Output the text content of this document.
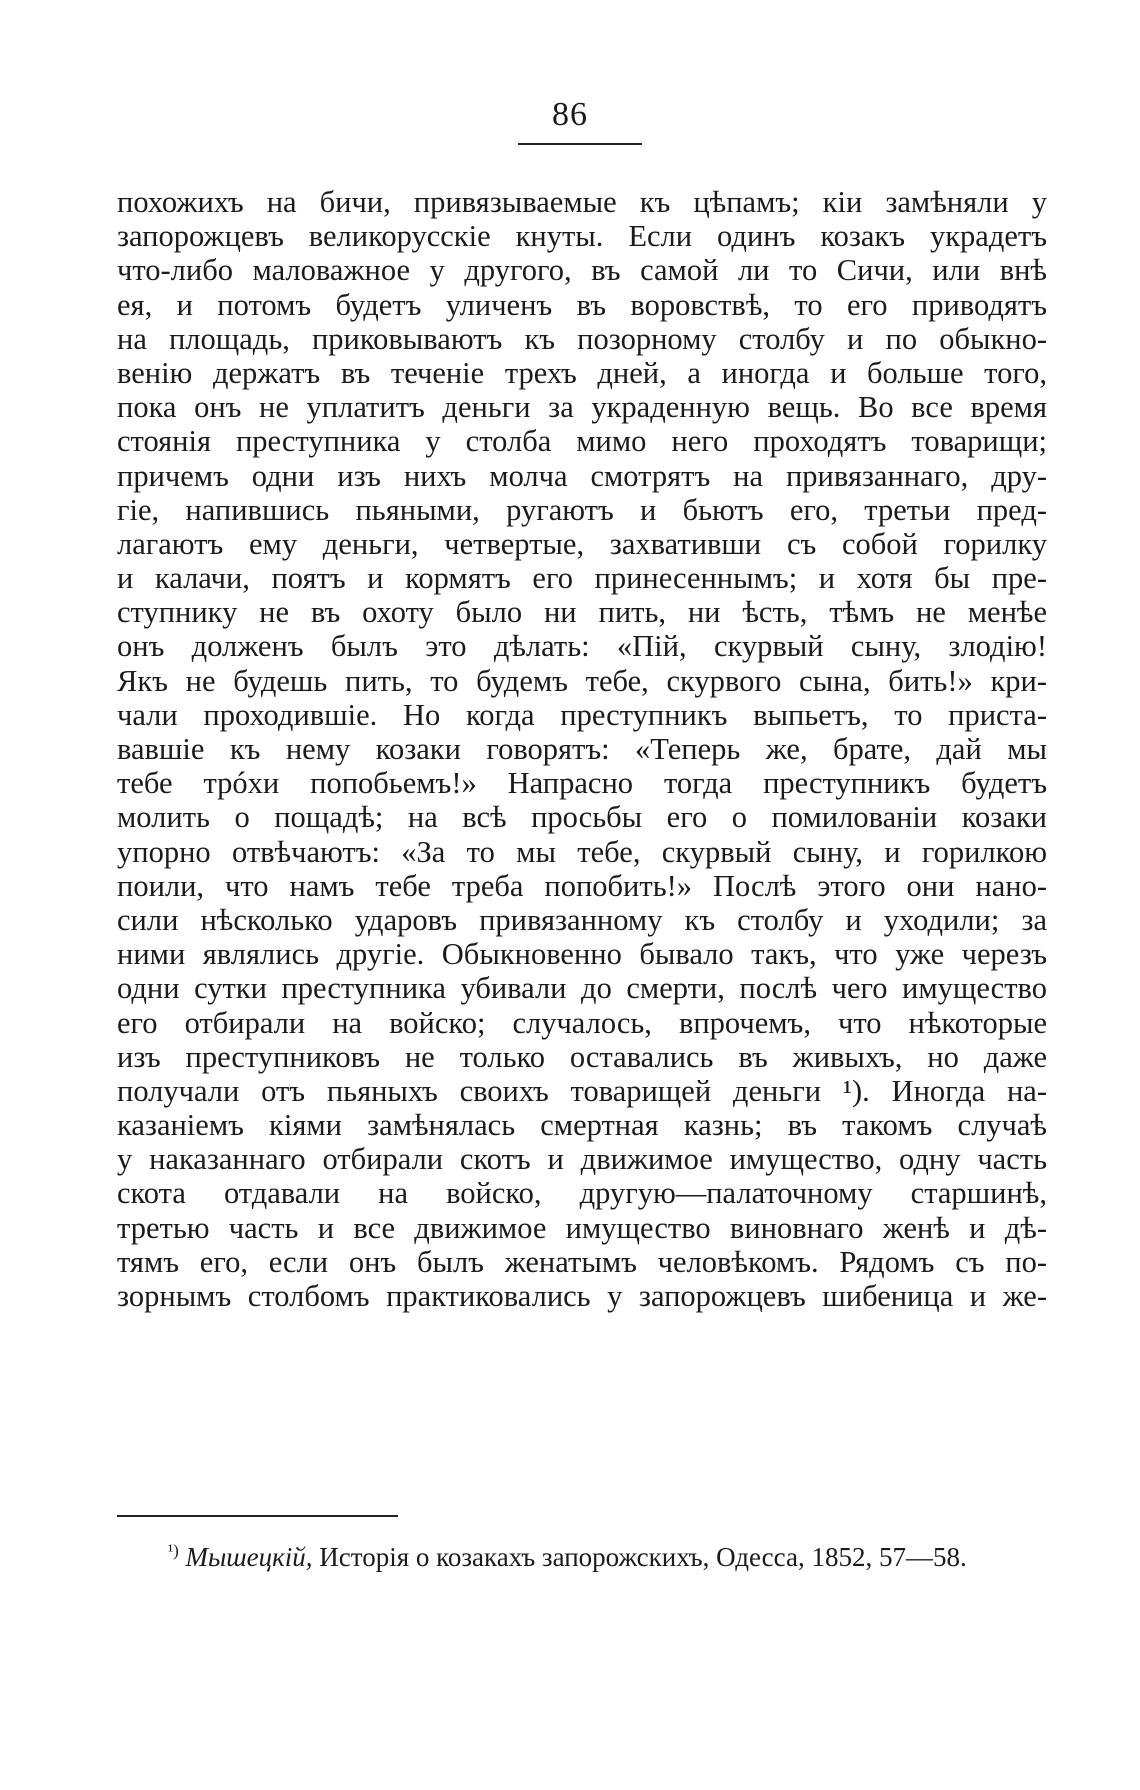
86
похожихъ на бичи, привязываемые къ цѣпамъ; кіи замѣняли у
запорожцевъ великорусскіе кнуты. Если одинъ козакъ украдетъ
что-либо маловажное у другого, въ самой ли то Сичи, или внѣ
ея, и потомъ будетъ уличенъ въ воровствѣ, то его приводятъ
на площадь, приковываютъ къ позорному столбу и по обыкно-
венію держатъ въ теченіе трехъ дней, а иногда и больше того,
пока онъ не уплатитъ деньги за украденную вещь. Во все время
стоянія преступника у столба мимо него проходятъ товарищи;
причемъ одни изъ нихъ молча смотрятъ на привязаннаго, дру-
гіе, напившись пьяными, ругаютъ и бьютъ его, третьи пред-
лагаютъ ему деньги, четвертые, захвативши съ собой горилку
и калачи, поятъ и кормятъ его принесеннымъ; и хотя бы пре-
ступнику не въ охоту было ни пить, ни ѣсть, тѣмъ не менѣе
онъ долженъ былъ это дѣлать: «Пій, скурвый сыну, злодію!
Якъ не будешь пить, то будемъ тебе, скурвого сына, бить!» кри-
чали проходившіе. Но когда преступникъ выпьетъ, то приста-
вавшіе къ нему козаки говорятъ: «Теперь же, брате, дай мы
тебе трóхи попобьемъ!» Напрасно тогда преступникъ будетъ
молить о пощадѣ; на всѣ просьбы его о помилованіи козаки
упорно отвѣчаютъ: «За то мы тебе, скурвый сыну, и горилкою
поили, что намъ тебе треба попобить!» Послѣ этого они нано-
сили нѣсколько ударовъ привязанному къ столбу и уходили; за
ними являлись другіе. Обыкновенно бывало такъ, что уже черезъ
одни сутки преступника убивали до смерти, послѣ чего имущество
его отбирали на войско; случалось, впрочемъ, что нѣкоторые
изъ преступниковъ не только оставались въ живыхъ, но даже
получали отъ пьяныхъ своихъ товарищей деньги ¹). Иногда на-
казаніемъ кіями замѣнялась смертная казнь; въ такомъ случаѣ
у наказаннаго отбирали скотъ и движимое имущество, одну часть
скота отдавали на войско, другую—палаточному старшинѣ,
третью часть и все движимое имущество виновнаго женѣ и дѣ-
тямъ его, если онъ былъ женатымъ человѣкомъ. Рядомъ съ по-
зорнымъ столбомъ практиковались у запорожцевъ шибеница и же-
$^{^1)}$ Мышецкій, Исторія о козакахъ запорожскихъ, Одесса, 1852, 57—58.
